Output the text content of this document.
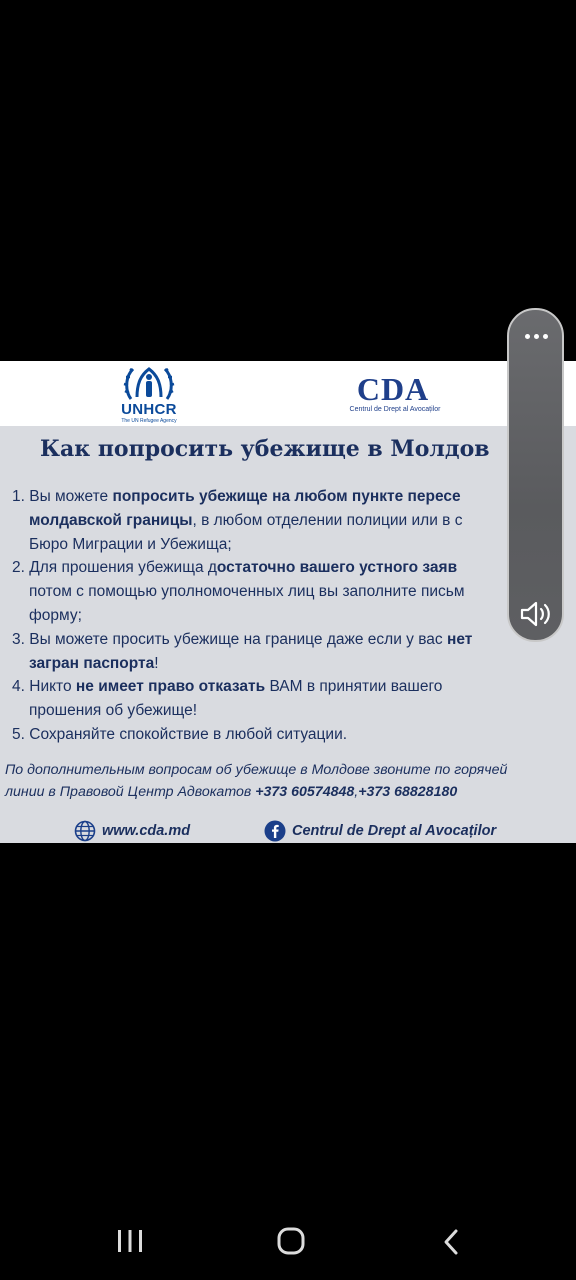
UNHCR
The UN Refugee Agency
CDA
Centrul de Drept al Avocaților
Как попросить убежище в Молдов
1. Вы можете попросить убежище на любом пункте пересе
молдавской границы, в любом отделении полиции или в с
Бюро Миграции и Убежища;
2. Для прошения убежища достаточно вашего устного заяв
потом с помощью уполномоченных лиц вы заполните письм
форму;
3. Вы можете просить убежище на границе даже если у вас нет
загран паспорта!
4. Никто не имеет право отказать ВАМ в принятии вашего
прошения об убежище!
5. Сохраняйте спокойствие в любой ситуации.
По дополнительным вопросам об убежище в Молдове звоните по горячей
линии в Правовой Центр Адвокатов +373 60574848,+373 68828180
www.cda.md	Centrul de Drept al Avocaților
